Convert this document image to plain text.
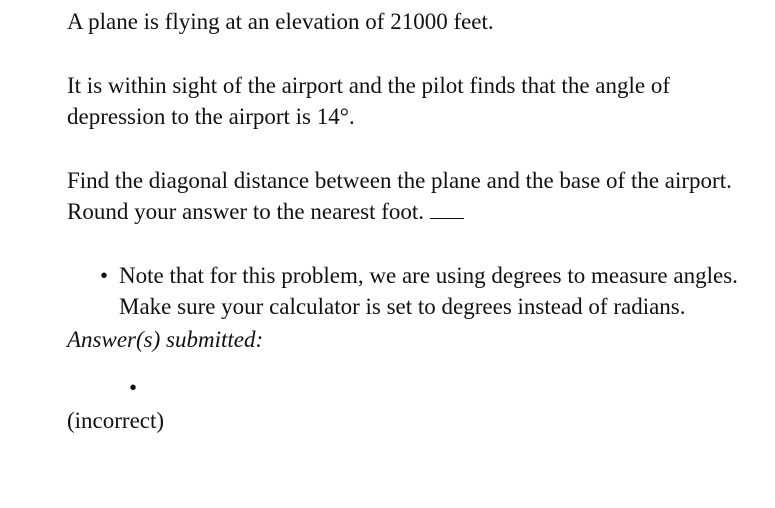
A plane is flying at an elevation of 21000 feet.

It is within sight of the airport and the pilot finds that the angle of depression to the airport is 14°.

Find the diagonal distance between the plane and the base of the airport. Round your answer to the nearest foot.

• Note that for this problem, we are using degrees to measure angles. Make sure your calculator is set to degrees instead of radians.
Answer(s) submitted:
•
(incorrect)
